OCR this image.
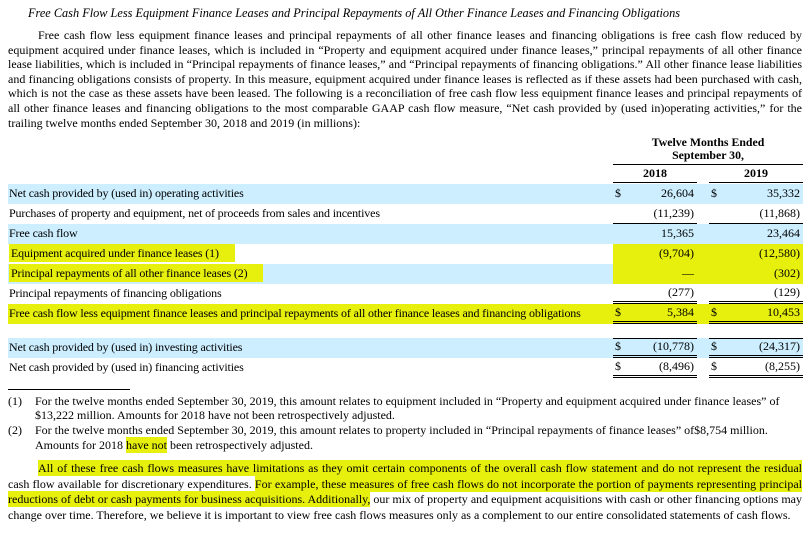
Free Cash Flow Less Equipment Finance Leases and Principal Repayments of All Other Finance Leases and Financing Obligations

Free cash flow less equipment finance leases and principal repayments of all other finance leases and financing obligations is free cash flow reduced by equipment acquired under finance leases, which is included in “Property and equipment acquired under finance leases,” principal repayments of all other finance lease liabilities, which is included in “Principal repayments of finance leases,” and “Principal repayments of financing obligations.” All other finance lease liabilities and financing obligations consists of property. In this measure, equipment acquired under finance leases is reflected as if these assets had been purchased with cash, which is not the case as these assets have been leased. The following is a reconciliation of free cash flow less equipment finance leases and principal repayments of all other finance leases and financing obligations to the most comparable GAAP cash flow measure, “Net cash provided by (used in)operating activities,” for the trailing twelve months ended September 30, 2018 and 2019 (in millions):

Twelve Months Ended
September 30,
2018	2019
Net cash provided by (used in) operating activities	$	26,604 $	35,332
Purchases of property and equipment, net of proceeds from sales and incentives	(11,239)	(11,868)
Free cash flow	15,365	23,464
Equipment acquired under finance leases (1)	(9,704)	(12,580)
Principal repayments of all other finance leases (2)	—	(302)
Principal repayments of financing obligations	(277)	(129)
Free cash flow less equipment finance leases and principal repayments of all other finance leases and financing obligations	$	5,384 $	10,453
Net cash provided by (used in) investing activities	$	(10,778) $	(24,317)
Net cash provided by (used in) financing activities	$	(8,496) $	(8,255)
(1)	For the twelve months ended September 30, 2019, this amount relates to equipment included in “Property and equipment acquired under finance leases” of $13,222 million. Amounts for 2018 have not been retrospectively adjusted.
(2)	For the twelve months ended September 30, 2019, this amount relates to property included in “Principal repayments of finance leases” of$8,754 million. Amounts for 2018 have not been retrospectively adjusted.

All of these free cash flows measures have limitations as they omit certain components of the overall cash flow statement and do not represent the residual cash flow available for discretionary expenditures. For example, these measures of free cash flows do not incorporate the portion of payments representing principal reductions of debt or cash payments for business acquisitions. Additionally, our mix of property and equipment acquisitions with cash or other financing options may change over time. Therefore, we believe it is important to view free cash flows measures only as a complement to our entire consolidated statements of cash flows.
